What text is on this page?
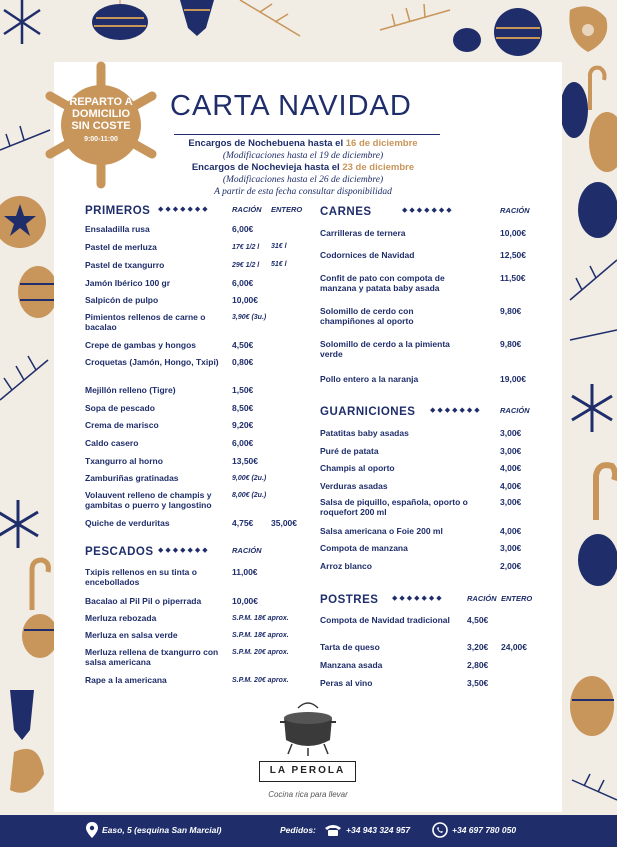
REPARTO A
DOMICILIO
SIN COSTE
9:00-11:00
CARTA NAVIDAD
Encargos de Nochebuena hasta el 16 de diciembre
(Modificaciones hasta el 19 de diciembre)
Encargos de Nochevieja hasta el 23 de diciembre
(Modificaciones hasta el 26 de diciembre)
A partir de esta fecha consultar disponibilidad
PRIMEROS ◆◆◆◆◆◆◆	RACIÓN ENTERO
Ensaladilla rusa	6,00€
Pastel de merluza	17€ 1/2 l 31€ l
Pastel de txangurro	29€ 1/2 l 51€ l
Jamón Ibérico 100 gr	6,00€
Salpicón de pulpo	10,00€
Pimientos rellenos de carne o bacalao
3,90€ (3u.)
Crepe de gambas y hongos	4,50€
Croquetas (Jamón, Hongo, Txipi)	0,80€
Mejillón relleno (Tigre)	1,50€
Sopa de pescado	8,50€
Crema de marisco	9,20€
Caldo casero	6,00€
Txangurro al horno	13,50€
Zamburiñas gratinadas	9,00€ (2u.)
Volauvent relleno de champis y gambitas o puerro y langostino
8,00€ (2u.)
Quiche de verduritas	4,75€ 35,00€
PESCADOS ◆◆◆◆◆◆◆	RACIÓN
Txipis rellenos en su tinta o encebollados
11,00€
Bacalao al Pil Pil o piperrada	10,00€
Merluza rebozada	S.P.M. 18€ aprox.
Merluza en salsa verde	S.P.M. 18€ aprox.
Merluza rellena de txangurro con salsa americana
S.P.M. 20€ aprox.
Rape a la americana	S.P.M. 20€ aprox.
CARNES	◆◆◆◆◆◆◆	RACIÓN
Carrilleras de ternera	10,00€
Codornices de Navidad	12,50€
Confit de pato con compota de manzana y patata baby asada
11,50€
Solomillo de cerdo con champiñones al oporto
9,80€
Solomillo de cerdo a la pimienta verde
9,80€
Pollo entero a la naranja	19,00€
GUARNICIONES ◆◆◆◆◆◆◆ RACIÓN
Patatitas baby asadas	3,00€
Puré de patata	3,00€
Champis al oporto	4,00€
Verduras asadas	4,00€
Salsa de piquillo, española, oporto o roquefort 200 ml
3,00€
Salsa americana o Foie 200 ml	4,00€
Compota de manzana	3,00€
Arroz blanco	2,00€
POSTRES ◆◆◆◆◆◆◆	RACIÓN ENTERO
Compota de Navidad tradicional 4,50€
Tarta de queso	3,20€ 24,00€
Manzana asada	2,80€
Peras al vino	3,50€
LA PEROLA
Cocina rica para llevar
Easo, 5 (esquina San Marcial)	Pedidos:	+34 943 324 957	+34 697 780 050
